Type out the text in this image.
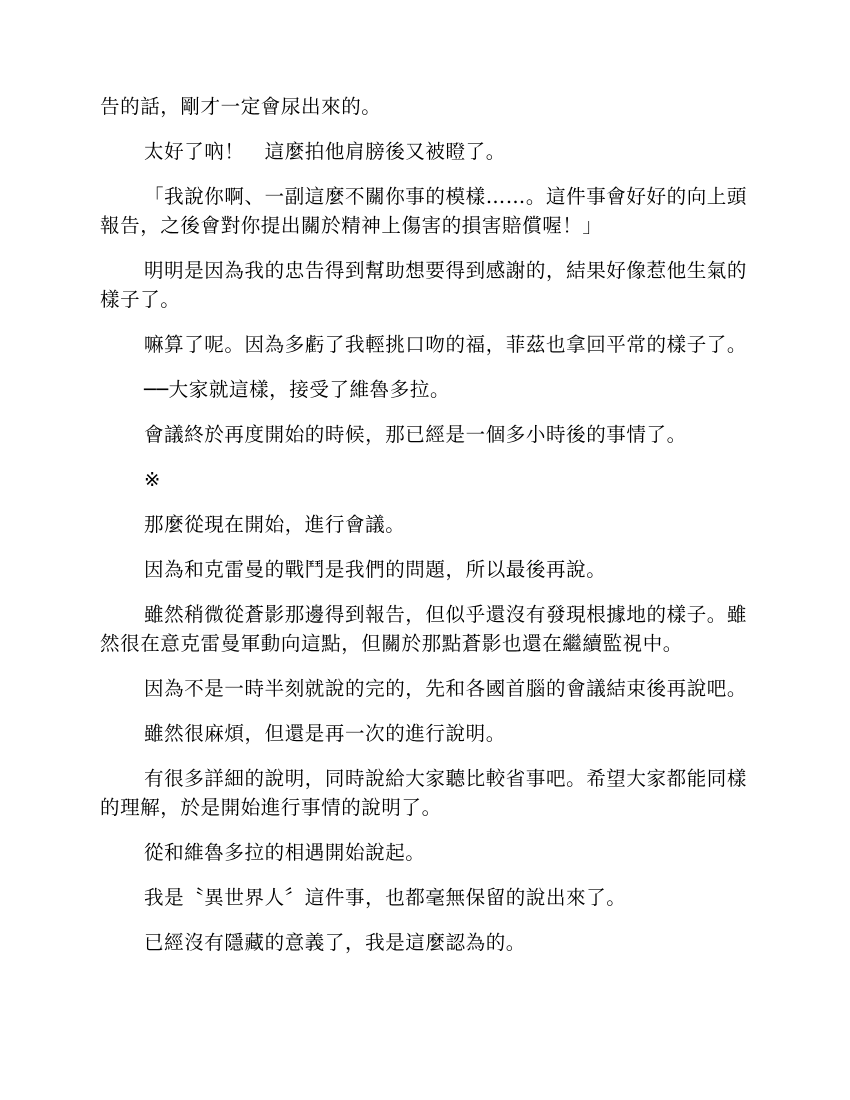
告的話，剛才一定會尿出來的。

太好了吶！　這麼拍他肩膀後又被瞪了。

「我說你啊、一副這麼不關你事的模樣……。這件事會好好的向上頭報告，之後會對你提出關於精神上傷害的損害賠償喔！」

明明是因為我的忠告得到幫助想要得到感謝的，結果好像惹他生氣的樣子了。

嘛算了呢。因為多虧了我輕挑口吻的福，菲茲也拿回平常的樣子了。

──大家就這樣，接受了維魯多拉。

會議終於再度開始的時候，那已經是一個多小時後的事情了。

※

那麼從現在開始，進行會議。

因為和克雷曼的戰鬥是我們的問題，所以最後再說。

雖然稍微從蒼影那邊得到報告，但似乎還沒有發現根據地的樣子。雖然很在意克雷曼軍動向這點，但關於那點蒼影也還在繼續監視中。

因為不是一時半刻就說的完的，先和各國首腦的會議結束後再說吧。

雖然很麻煩，但還是再一次的進行說明。

有很多詳細的說明，同時說給大家聽比較省事吧。希望大家都能同樣的理解，於是開始進行事情的說明了。

從和維魯多拉的相遇開始說起。

我是〝異世界人〞這件事，也都毫無保留的說出來了。

已經沒有隱藏的意義了，我是這麼認為的。
